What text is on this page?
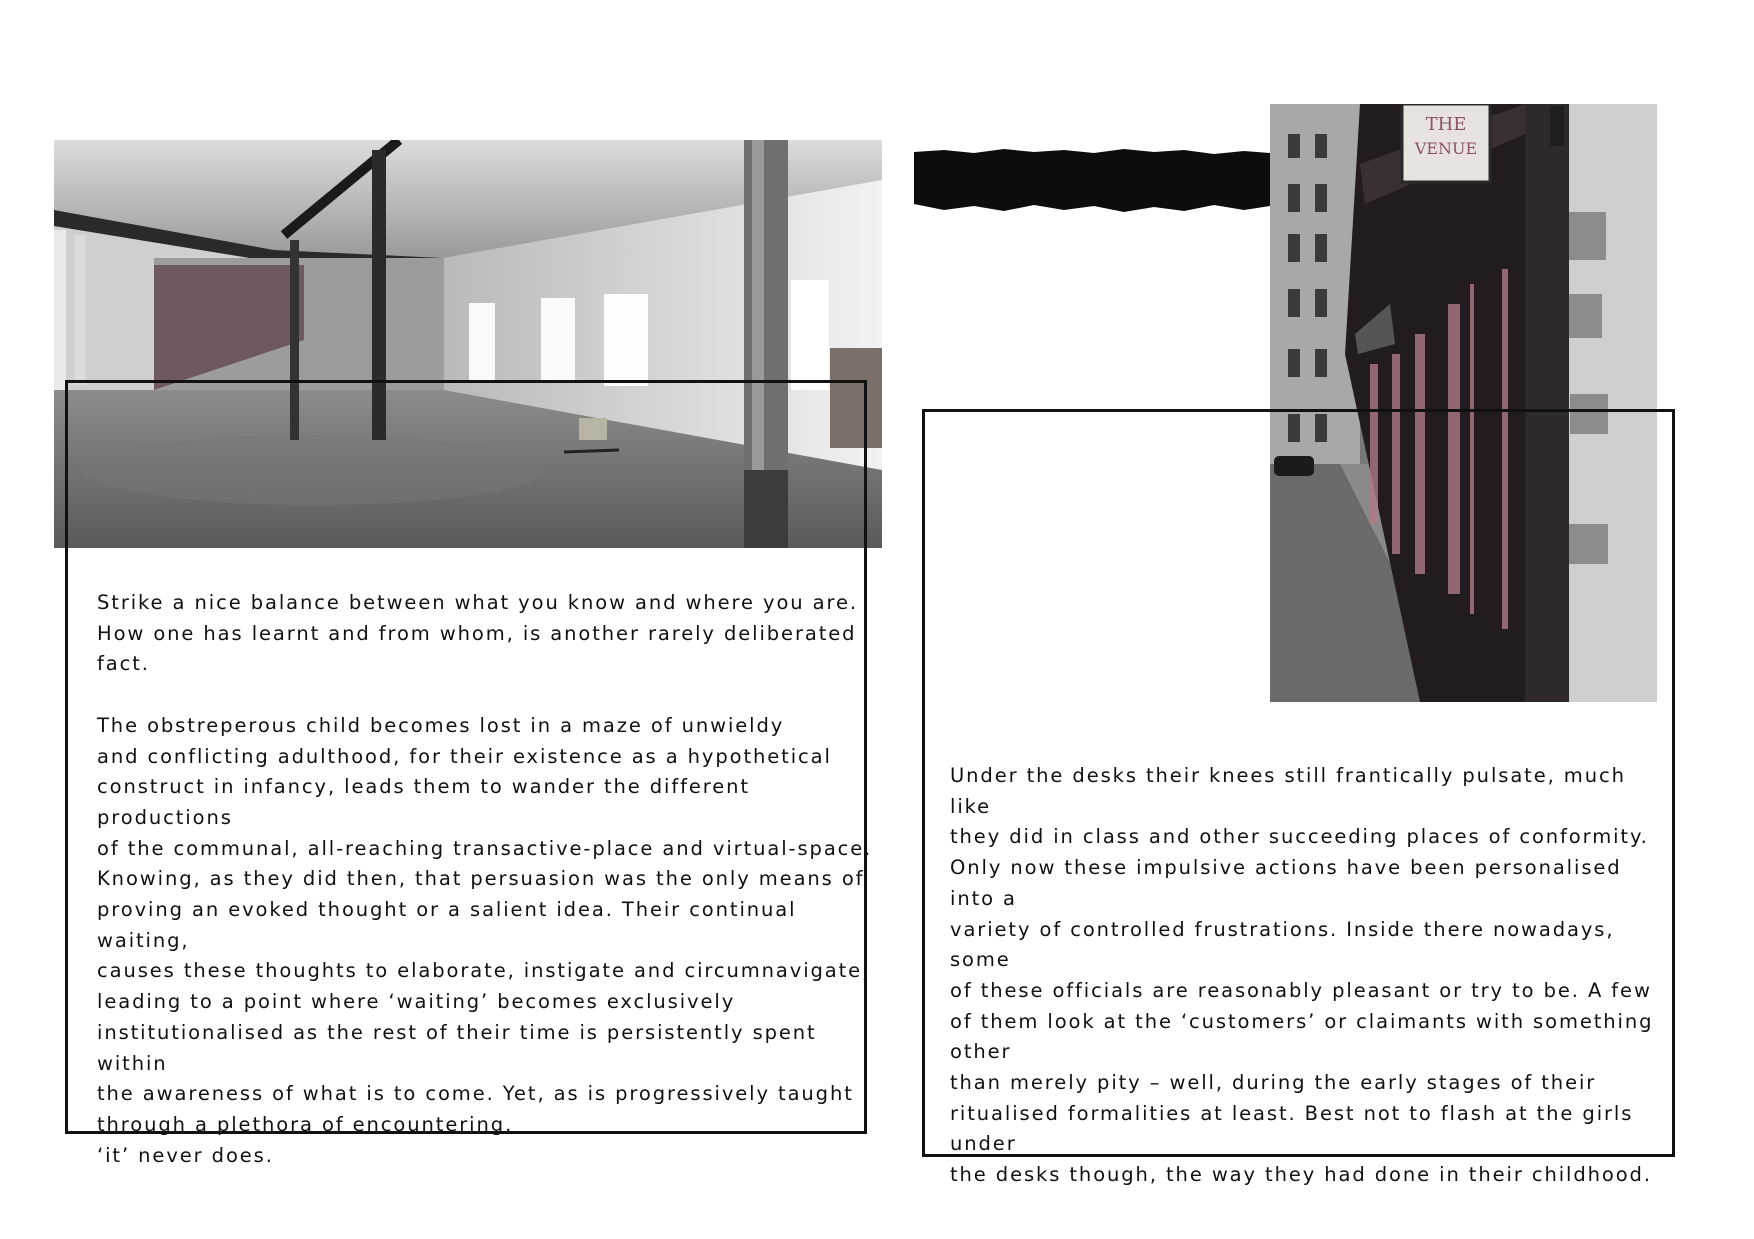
THE
VENUE

Strike a nice balance between what you know and where you are.
How one has learnt and from whom, is another rarely deliberated
fact.

The obstreperous child becomes lost in a maze of unwieldy
and conflicting adulthood, for their existence as a hypothetical
construct in infancy, leads them to wander the different productions
of the communal, all-reaching transactive-place and virtual-space.
Knowing, as they did then, that persuasion was the only means of
proving an evoked thought or a salient idea. Their continual waiting,
causes these thoughts to elaborate, instigate and circumnavigate;
leading to a point where ‘waiting’ becomes exclusively
institutionalised as the rest of their time is persistently spent within
the awareness of what is to come. Yet, as is progressively taught
through a plethora of encountering,
‘it’ never does.

Under the desks their knees still frantically pulsate, much like
they did in class and other succeeding places of conformity.
Only now these impulsive actions have been personalised into a
variety of controlled frustrations. Inside there nowadays, some
of these officials are reasonably pleasant or try to be. A few
of them look at the ‘customers’ or claimants with something other
than merely pity – well, during the early stages of their
ritualised formalities at least. Best not to flash at the girls under
the desks though, the way they had done in their childhood.
